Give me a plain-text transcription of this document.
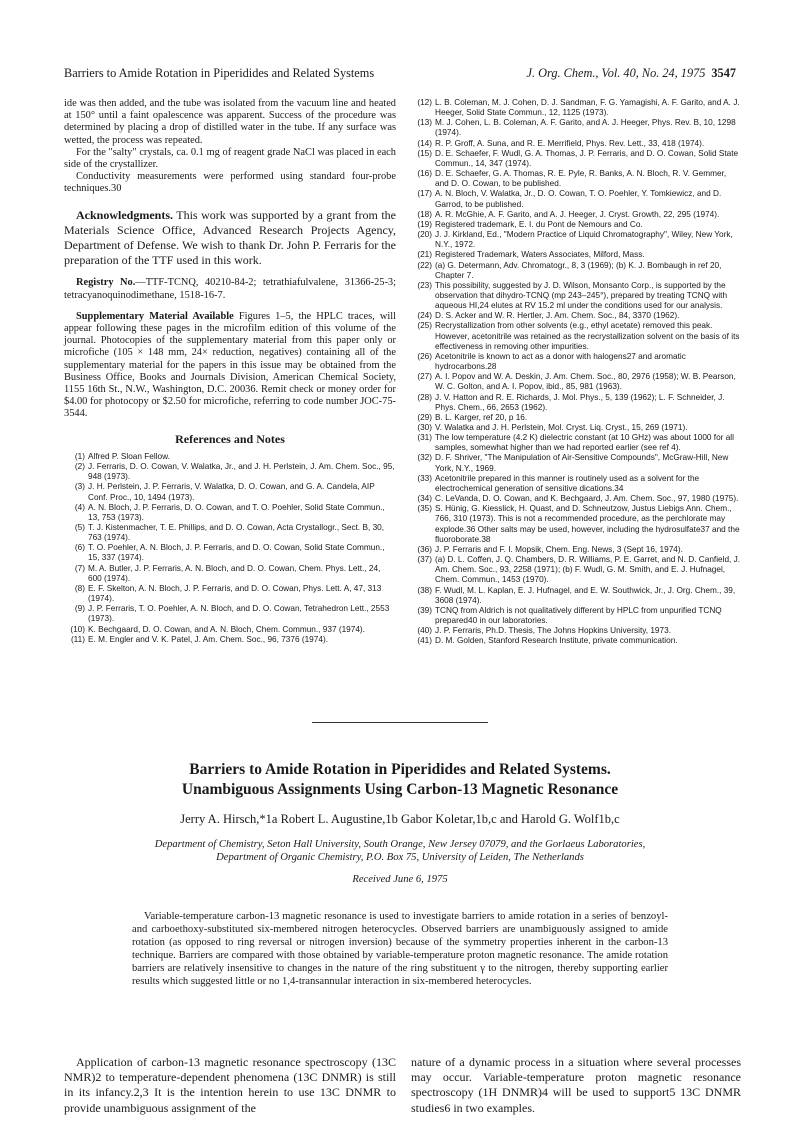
Barriers to Amide Rotation in Piperidides and Related Systems	J. Org. Chem., Vol. 40, No. 24, 1975 3547

ide was then added, and the tube was isolated from the vacuum line and heated at 150° until a faint opalescence was apparent. Success of the procedure was determined by placing a drop of distilled water in the tube. If any surface was wetted, the process was repeated.

For the "salty" crystals, ca. 0.1 mg of reagent grade NaCl was placed in each side of the crystallizer.

Conductivity measurements were performed using standard four-probe techniques.30

Acknowledgments. This work was supported by a grant from the Materials Science Office, Advanced Research Projects Agency, Department of Defense. We wish to thank Dr. John P. Ferraris for the preparation of the TTF used in this work.
Registry No.—TTF-TCNQ, 40210-84-2; tetrathiafulvalene, 31366-25-3; tetracyanoquinodimethane, 1518-16-7.
Supplementary Material Available Figures 1–5, the HPLC traces, will appear following these pages in the microfilm edition of this volume of the journal. Photocopies of the supplementary material from this paper only or microfiche (105 × 148 mm, 24× reduction, negatives) containing all of the supplementary material for the papers in this issue may be obtained from the Business Office, Books and Journals Division, American Chemical Society, 1155 16th St., N.W., Washington, D.C. 20036. Remit check or money order for $4.00 for photocopy or $2.50 for microfiche, referring to code number JOC-75-3544.
References and Notes
(1) Alfred P. Sloan Fellow.
(2) J. Ferraris, D. O. Cowan, V. Walatka, Jr., and J. H. Perlstein, J. Am. Chem. Soc., 95, 948 (1973).
(3) J. H. Perlstein, J. P. Ferraris, V. Walatka, D. O. Cowan, and G. A. Candela, AIP Conf. Proc., 10, 1494 (1973).
(4) A. N. Bloch, J. P. Ferraris, D. O. Cowan, and T. O. Poehler, Solid State Commun., 13, 753 (1973).
(5) T. J. Kistenmacher, T. E. Phillips, and D. O. Cowan, Acta Crystallogr., Sect. B, 30, 763 (1974).
(6) T. O. Poehler, A. N. Bloch, J. P. Ferraris, and D. O. Cowan, Solid State Commun., 15, 337 (1974).
(7) M. A. Butler, J. P. Ferraris, A. N. Bloch, and D. O. Cowan, Chem. Phys. Lett., 24, 600 (1974).
(8) E. F. Skelton, A. N. Bloch, J. P. Ferraris, and D. O. Cowan, Phys. Lett. A, 47, 313 (1974).
(9) J. P. Ferraris, T. O. Poehler, A. N. Bloch, and D. O. Cowan, Tetrahedron Lett., 2553 (1973).
(10) K. Bechgaard, D. O. Cowan, and A. N. Bloch, Chem. Commun., 937 (1974).
(11) E. M. Engler and V. K. Patel, J. Am. Chem. Soc., 96, 7376 (1974).
(12) L. B. Coleman, M. J. Cohen, D. J. Sandman, F. G. Yamagishi, A. F. Garito, and A. J. Heeger, Solid State Commun., 12, 1125 (1973).
(13) M. J. Cohen, L. B. Coleman, A. F. Garito, and A. J. Heeger, Phys. Rev. B, 10, 1298 (1974).
(14) R. P. Groff, A. Suna, and R. E. Merrifield, Phys. Rev. Lett., 33, 418 (1974).
(15) D. E. Schaefer, F. Wudl, G. A. Thomas, J. P. Ferraris, and D. O. Cowan, Solid State Commun., 14, 347 (1974).
(16) D. E. Schaefer, G. A. Thomas, R. E. Pyle, R. Banks, A. N. Bloch, R. V. Gemmer, and D. O. Cowan, to be published.
(17) A. N. Bloch, V. Walatka, Jr., D. O. Cowan, T. O. Poehler, Y. Tomkiewicz, and D. Garrod, to be published.
(18) A. R. McGhie, A. F. Garito, and A. J. Heeger, J. Cryst. Growth, 22, 295 (1974).
(19) Registered trademark, E. I. du Pont de Nemours and Co.
(20) J. J. Kirkland, Ed., "Modern Practice of Liquid Chromatography", Wiley, New York, N.Y., 1972.
(21) Registered Trademark, Waters Associates, Milford, Mass.
(22) (a) G. Determann, Adv. Chromatogr., 8, 3 (1969); (b) K. J. Bombaugh in ref 20, Chapter 7.
(23) This possibility, suggested by J. D. Wilson, Monsanto Corp., is supported by the observation that dihydro-TCNQ (mp 243–245°), prepared by treating TCNQ with aqueous HI,24 elutes at RV 15.2 ml under the conditions used for our analysis.
(24) D. S. Acker and W. R. Hertler, J. Am. Chem. Soc., 84, 3370 (1962).
(25) Recrystallization from other solvents (e.g., ethyl acetate) removed this peak. However, acetonitrile was retained as the recrystallization solvent on the basis of its effectiveness in removing other impurities.
(26) Acetonitrile is known to act as a donor with halogens27 and aromatic hydrocarbons.28
(27) A. I. Popov and W. A. Deskin, J. Am. Chem. Soc., 80, 2976 (1958); W. B. Pearson, W. C. Golton, and A. I. Popov, ibid., 85, 981 (1963).
(28) J. V. Hatton and R. E. Richards, J. Mol. Phys., 5, 139 (1962); L. F. Schneider, J. Phys. Chem., 66, 2653 (1962).
(29) B. L. Karger, ref 20, p 16.
(30) V. Walatka and J. H. Perlstein, Mol. Cryst. Liq. Cryst., 15, 269 (1971).
(31) The low temperature (4.2 K) dielectric constant (at 10 GHz) was about 1000 for all samples, somewhat higher than we had reported earlier (see ref 4).
(32) D. F. Shriver, "The Manipulation of Air-Sensitive Compounds", McGraw-Hill, New York, N.Y., 1969.
(33) Acetonitrile prepared in this manner is routinely used as a solvent for the electrochemical generation of sensitive dications.34
(34) C. LeVanda, D. O. Cowan, and K. Bechgaard, J. Am. Chem. Soc., 97, 1980 (1975).
(35) S. Hünig, G. Kiesslick, H. Quast, and D. Schneutzow, Justus Liebigs Ann. Chem., 766, 310 (1973). This is not a recommended procedure, as the perchlorate may explode.36 Other salts may be used, however, including the hydrosulfate37 and the fluoroborate.38
(36) J. P. Ferraris and F. I. Mopsik, Chem. Eng. News, 3 (Sept 16, 1974).
(37) (a) D. L. Coffen, J. Q. Chambers, D. R. Williams, P. E. Garret, and N. D. Canfield, J. Am. Chem. Soc., 93, 2258 (1971); (b) F. Wudl, G. M. Smith, and E. J. Hufnagel, Chem. Commun., 1453 (1970).
(38) F. Wudl, M. L. Kaplan, E. J. Hufnagel, and E. W. Southwick, Jr., J. Org. Chem., 39, 3608 (1974).
(39) TCNQ from Aldrich is not qualitatively different by HPLC from unpurified TCNQ prepared40 in our laboratories.
(40) J. P. Ferraris, Ph.D. Thesis, The Johns Hopkins University, 1973.
(41) D. M. Golden, Stanford Research Institute, private communication.
Barriers to Amide Rotation in Piperidides and Related Systems.
Unambiguous Assignments Using Carbon-13 Magnetic Resonance
Jerry A. Hirsch,*1a Robert L. Augustine,1b Gabor Koletar,1b,c and Harold G. Wolf1b,c
Department of Chemistry, Seton Hall University, South Orange, New Jersey 07079, and the Gorlaeus Laboratories,
Department of Organic Chemistry, P.O. Box 75, University of Leiden, The Netherlands
Received June 6, 1975
Variable-temperature carbon-13 magnetic resonance is used to investigate barriers to amide rotation in a series of benzoyl- and carboethoxy-substituted six-membered nitrogen heterocycles. Observed barriers are unambiguously assigned to amide rotation (as opposed to ring reversal or nitrogen inversion) because of the symmetry properties inherent in the carbon-13 technique. Barriers are compared with those obtained by variable-temperature proton magnetic resonance. The amide rotation barriers are relatively insensitive to changes in the nature of the ring substituent γ to the nitrogen, thereby supporting earlier results which suggested little or no 1,4-transannular interaction in six-membered heterocycles.
Application of carbon-13 magnetic resonance spectroscopy (13C NMR)2 to temperature-dependent phenomena (13C DNMR) is still in its infancy.2,3 It is the intention herein to use 13C DNMR to provide unambiguous assignment of the
nature of a dynamic process in a situation where several processes may occur. Variable-temperature proton magnetic resonance spectroscopy (1H DNMR)4 will be used to support5 13C DNMR studies6 in two examples.
